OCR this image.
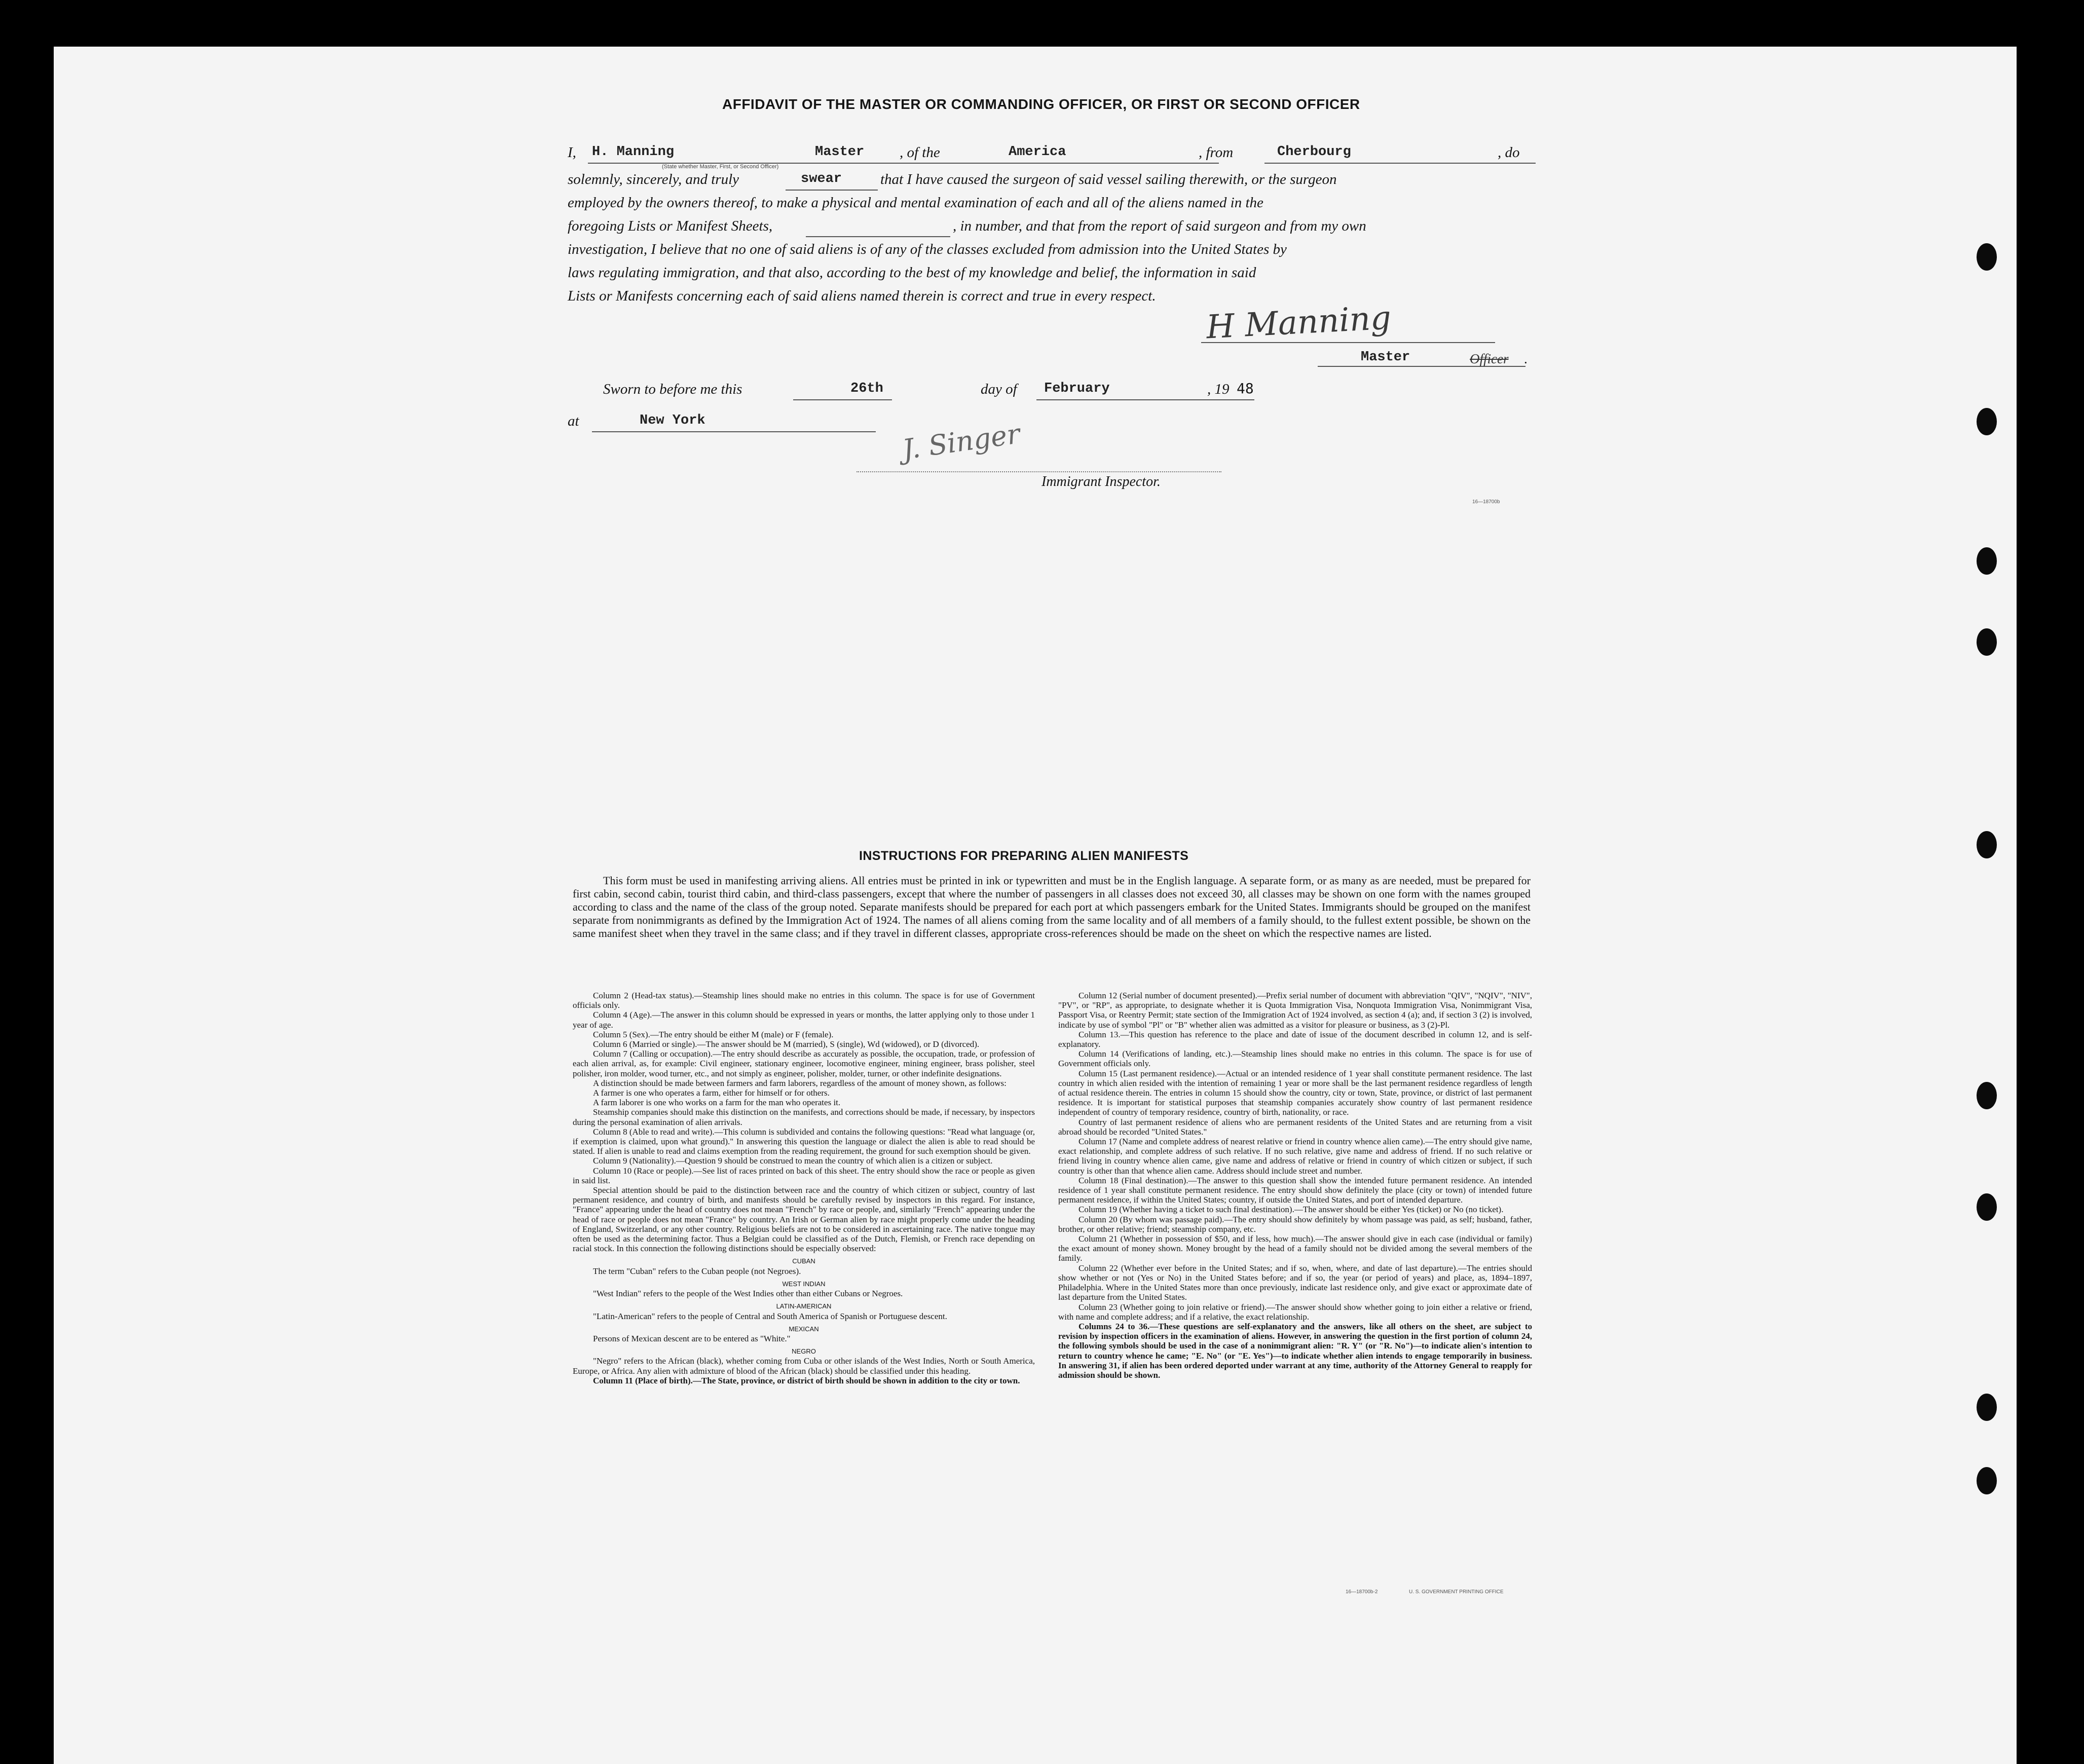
AFFIDAVIT OF THE MASTER OR COMMANDING OFFICER, OR FIRST OR SECOND OFFICER
I, H. Manning	Master , of the	America	, from	Cherbourg	, do
(State whether Master, First, or Second Officer)
solemnly, sincerely, and truly	swear	that I have caused the surgeon of said vessel sailing therewith, or the surgeon
employed by the owners thereof, to make a physical and mental examination of each and all of the aliens named in the
foregoing Lists or Manifest Sheets,	, in number, and that from the report of said surgeon and from my own
investigation, I believe that no one of said aliens is of any of the classes excluded from admission into the United States by
laws regulating immigration, and that also, according to the best of my knowledge and belief, the information in said
Lists or Manifests concerning each of said aliens named therein is correct and true in every respect.
H Manning
Master	Officer .
Sworn to before me this	26th	day of February	, 19 48
at	New York	J. Singer
Immigrant Inspector.
16—18700b
INSTRUCTIONS FOR PREPARING ALIEN MANIFESTS
This form must be used in manifesting arriving aliens. All entries must be printed in ink or typewritten and must be in the English language. A separate form, or as many as are needed, must be prepared for first cabin, second cabin, tourist third cabin, and third-class passengers, except that where the number of passengers in all classes does not exceed 30, all classes may be shown on one form with the names grouped according to class and the name of the class of the group noted. Separate manifests should be prepared for each port at which passengers embark for the United States. Immigrants should be grouped on the manifest separate from nonimmigrants as defined by the Immigration Act of 1924. The names of all aliens coming from the same locality and of all members of a family should, to the fullest extent possible, be shown on the same manifest sheet when they travel in the same class; and if they travel in different classes, appropriate cross-references should be made on the sheet on which the respective names are listed.

Column 2 (Head-tax status).—Steamship lines should make no entries in this column. The space is for use of Government officials only.

Column 4 (Age).—The answer in this column should be expressed in years or months, the latter applying only to those under 1 year of age.

Column 5 (Sex).—The entry should be either M (male) or F (female).

Column 6 (Married or single).—The answer should be M (married), S (single), Wd (widowed), or D (divorced).

Column 7 (Calling or occupation).—The entry should describe as accurately as possible, the occupation, trade, or profession of each alien arrival, as, for example: Civil engineer, stationary engineer, locomotive engineer, mining engineer, brass polisher, steel polisher, iron molder, wood turner, etc., and not simply as engineer, polisher, molder, turner, or other indefinite designations.

A distinction should be made between farmers and farm laborers, regardless of the amount of money shown, as follows:

A farmer is one who operates a farm, either for himself or for others.

A farm laborer is one who works on a farm for the man who operates it.

Steamship companies should make this distinction on the manifests, and corrections should be made, if necessary, by inspectors during the personal examination of alien arrivals.

Column 8 (Able to read and write).—This column is subdivided and contains the following questions: "Read what language (or, if exemption is claimed, upon what ground)." In answering this question the language or dialect the alien is able to read should be stated. If alien is unable to read and claims exemption from the reading requirement, the ground for such exemption should be given.

Column 9 (Nationality).—Question 9 should be construed to mean the country of which alien is a citizen or subject.

Column 10 (Race or people).—See list of races printed on back of this sheet. The entry should show the race or people as given in said list.

Special attention should be paid to the distinction between race and the country of which citizen or subject, country of last permanent residence, and country of birth, and manifests should be carefully revised by inspectors in this regard. For instance, "France" appearing under the head of country does not mean "French" by race or people, and, similarly "French" appearing under the head of race or people does not mean "France" by country. An Irish or German alien by race might properly come under the heading of England, Switzerland, or any other country. Religious beliefs are not to be considered in ascertaining race. The native tongue may often be used as the determining factor. Thus a Belgian could be classified as of the Dutch, Flemish, or French race depending on racial stock. In this connection the following distinctions should be especially observed:

CUBAN

The term "Cuban" refers to the Cuban people (not Negroes).

WEST INDIAN

"West Indian" refers to the people of the West Indies other than either Cubans or Negroes.

LATIN-AMERICAN

"Latin-American" refers to the people of Central and South America of Spanish or Portuguese descent.

MEXICAN

Persons of Mexican descent are to be entered as "White."

NEGRO

"Negro" refers to the African (black), whether coming from Cuba or other islands of the West Indies, North or South America, Europe, or Africa. Any alien with admixture of blood of the African (black) should be classified under this heading.

Column 11 (Place of birth).—The State, province, or district of birth should be shown in addition to the city or town.

Column 12 (Serial number of document presented).—Prefix serial number of document with abbreviation "QIV", "NQIV", "NIV", "PV", or "RP", as appropriate, to designate whether it is Quota Immigration Visa, Nonquota Immigration Visa, Nonimmigrant Visa, Passport Visa, or Reentry Permit; state section of the Immigration Act of 1924 involved, as section 4 (a); and, if section 3 (2) is involved, indicate by use of symbol "Pl" or "B" whether alien was admitted as a visitor for pleasure or business, as 3 (2)-Pl.

Column 13.—This question has reference to the place and date of issue of the document described in column 12, and is self-explanatory.

Column 14 (Verifications of landing, etc.).—Steamship lines should make no entries in this column. The space is for use of Government officials only.

Column 15 (Last permanent residence).—Actual or an intended residence of 1 year shall constitute permanent residence. The last country in which alien resided with the intention of remaining 1 year or more shall be the last permanent residence regardless of length of actual residence therein. The entries in column 15 should show the country, city or town, State, province, or district of last permanent residence. It is important for statistical purposes that steamship companies accurately show country of last permanent residence independent of country of temporary residence, country of birth, nationality, or race.

Country of last permanent residence of aliens who are permanent residents of the United States and are returning from a visit abroad should be recorded "United States."

Column 17 (Name and complete address of nearest relative or friend in country whence alien came).—The entry should give name, exact relationship, and complete address of such relative. If no such relative, give name and address of friend. If no such relative or friend living in country whence alien came, give name and address of relative or friend in country of which citizen or subject, if such country is other than that whence alien came. Address should include street and number.

Column 18 (Final destination).—The answer to this question shall show the intended future permanent residence. An intended residence of 1 year shall constitute permanent residence. The entry should show definitely the place (city or town) of intended future permanent residence, if within the United States; country, if outside the United States, and port of intended departure.

Column 19 (Whether having a ticket to such final destination).—The answer should be either Yes (ticket) or No (no ticket).

Column 20 (By whom was passage paid).—The entry should show definitely by whom passage was paid, as self; husband, father, brother, or other relative; friend; steamship company, etc.

Column 21 (Whether in possession of $50, and if less, how much).—The answer should give in each case (individual or family) the exact amount of money shown. Money brought by the head of a family should not be divided among the several members of the family.

Column 22 (Whether ever before in the United States; and if so, when, where, and date of last departure).—The entries should show whether or not (Yes or No) in the United States before; and if so, the year (or period of years) and place, as, 1894–1897, Philadelphia. Where in the United States more than once previously, indicate last residence only, and give exact or approximate date of last departure from the United States.

Column 23 (Whether going to join relative or friend).—The answer should show whether going to join either a relative or friend, with name and complete address; and if a relative, the exact relationship.

Columns 24 to 36.—These questions are self-explanatory and the answers, like all others on the sheet, are subject to revision by inspection officers in the examination of aliens. However, in answering the question in the first portion of column 24, the following symbols should be used in the case of a nonimmigrant alien: "R. Y" (or "R. No")—to indicate alien's intention to return to country whence he came; "E. No" (or "E. Yes")—to indicate whether alien intends to engage temporarily in business. In answering 31, if alien has been ordered deported under warrant at any time, authority of the Attorney General to reapply for admission should be shown.

16—18700b-2	U. S. GOVERNMENT PRINTING OFFICE
